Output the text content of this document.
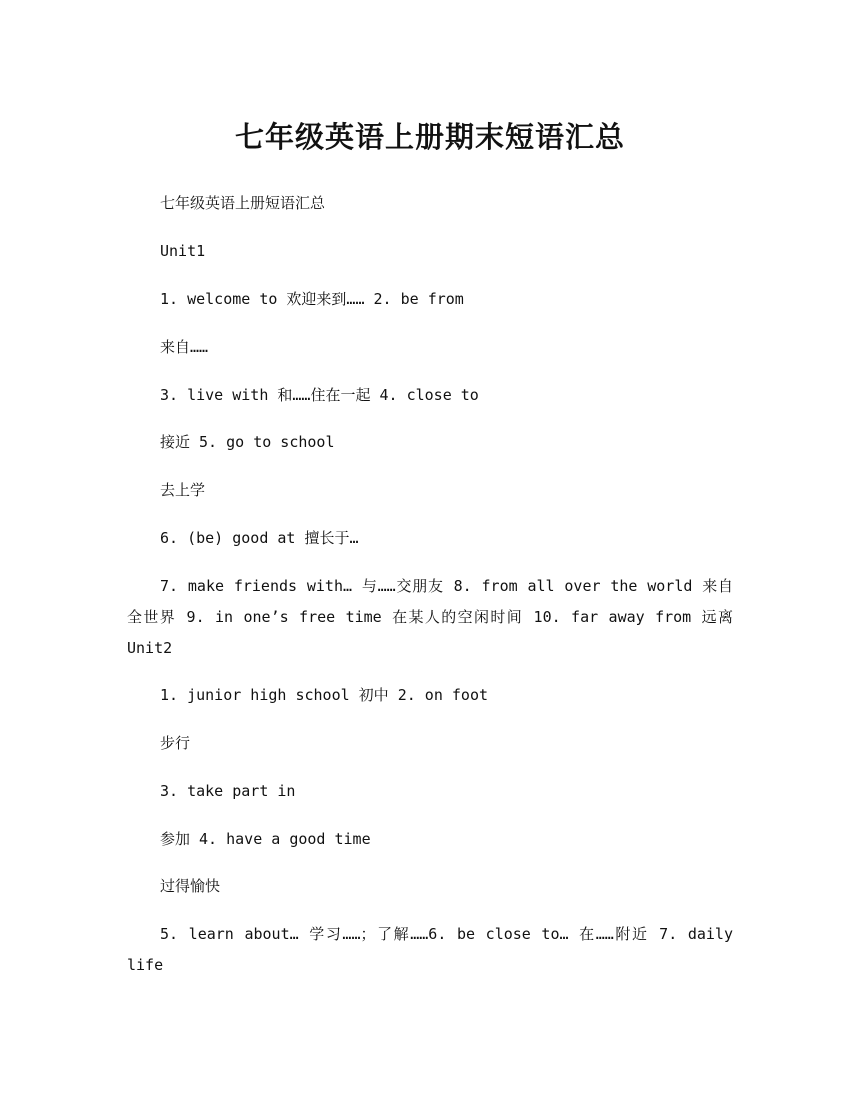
七年级英语上册期末短语汇总

七年级英语上册短语汇总

Unit1

1. welcome to 欢迎来到…… 2. be from

来自……

3. live with 和……住在一起 4. close to

接近 5. go to school

去上学

6. (be) good at 擅长于…

7. make friends with… 与……交朋友 8. from all over the world 来自全世界 9. in one’s free time 在某人的空闲时间 10. far away from 远离Unit2

1. junior high school 初中 2. on foot

步行

3. take part in

参加 4. have a good time

过得愉快

5. learn about… 学习……；了解……6. be close to… 在……附近 7. daily life
